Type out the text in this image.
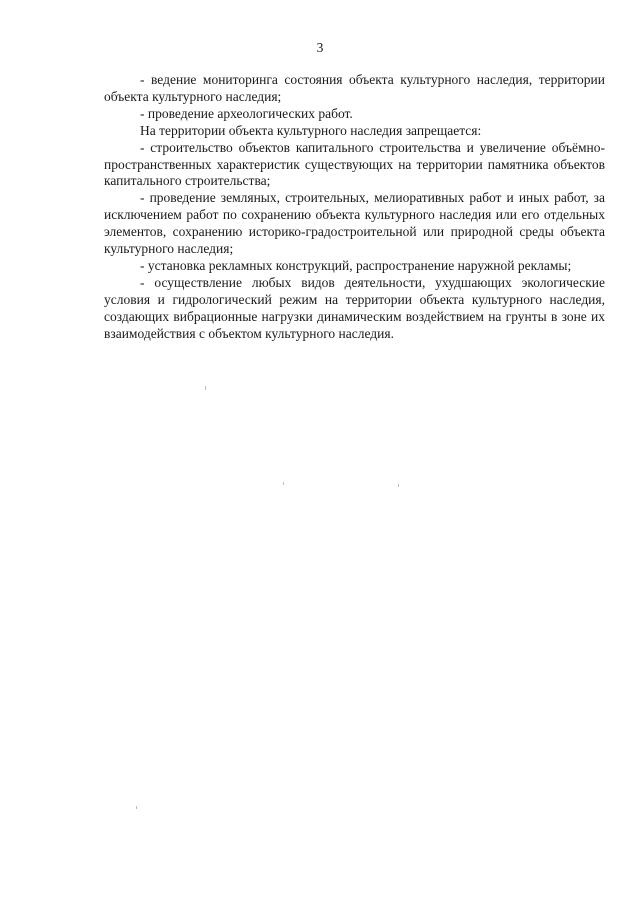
3

- ведение мониторинга состояния объекта культурного наследия, территории объекта культурного наследия;

- проведение археологических работ.

На территории объекта культурного наследия запрещается:

- строительство объектов капитального строительства и увеличение объёмно-пространственных характеристик существующих на территории памятника объектов капитального строительства;

- проведение земляных, строительных, мелиоративных работ и иных работ, за исключением работ по сохранению объекта культурного наследия или его отдельных элементов, сохранению историко-градостроительной или природной среды объекта культурного наследия;

- установка рекламных конструкций, распространение наружной рекламы;

- осуществление любых видов деятельности, ухудшающих экологические условия и гидрологический режим на территории объекта культурного наследия, создающих вибрационные нагрузки динамическим воздействием на грунты в зоне их взаимодействия с объектом культурного наследия.
